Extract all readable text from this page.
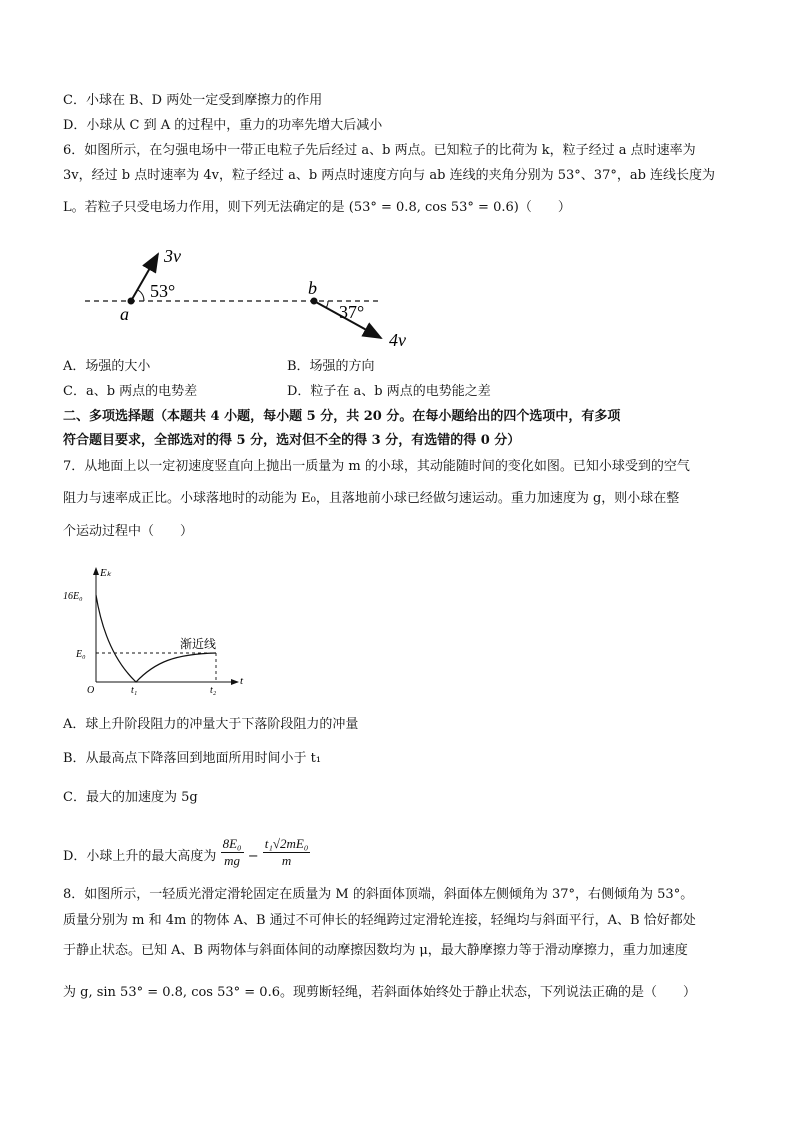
C．小球在 B、D 两处一定受到摩擦力的作用
D．小球从 C 到 A 的过程中，重力的功率先增大后减小
6．如图所示，在匀强电场中一带正电粒子先后经过 a、b 两点。已知粒子的比荷为 k，粒子经过 a 点时速率为
3v，经过 b 点时速率为 4v，粒子经过 a、b 两点时速度方向与 ab 连线的夹角分别为 53°、37°，ab 连线长度为
L。若粒子只受电场力作用，则下列无法确定的是 (53° = 0.8, cos 53° = 0.6)（　　）
a
b
3v
4v
53°
37°
A．场强的大小	B．场强的方向
C．a、b 两点的电势差	D．粒子在 a、b 两点的电势能之差
二、多项选择题（本题共 4 小题，每小题 5 分，共 20 分。在每小题给出的四个选项中，有多项
符合题目要求，全部选对的得 5 分，选对但不全的得 3 分，有选错的得 0 分）
7．从地面上以一定初速度竖直向上抛出一质量为 m 的小球，其动能随时间的变化如图。已知小球受到的空气
阻力与速率成正比。小球落地时的动能为 E₀，且落地前小球已经做匀速运动。重力加速度为 g，则小球在整
个运动过程中（　　）
Eₖ
t
16E₀
E₀
O	t₁	t₂
渐近线
A．球上升阶段阻力的冲量大于下落阶段阻力的冲量
B．从最高点下降落回到地面所用时间小于 t₁
C．最大的加速度为 5g
D．小球上升的最大高度为 $\frac{\text{8E₀}}{mg} - \frac{\text{t₁√2mE₀}}{m}$
8．如图所示，一轻质光滑定滑轮固定在质量为 M 的斜面体顶端，斜面体左侧倾角为 37°，右侧倾角为 53°。
质量分别为 m 和 4m 的物体 A、B 通过不可伸长的轻绳跨过定滑轮连接，轻绳均与斜面平行，A、B 恰好都处
于静止状态。已知 A、B 两物体与斜面体间的动摩擦因数均为 μ，最大静摩擦力等于滑动摩擦力，重力加速度
为 g, sin 53° = 0.8, cos 53° = 0.6。现剪断轻绳，若斜面体始终处于静止状态，下列说法正确的是（　　）
